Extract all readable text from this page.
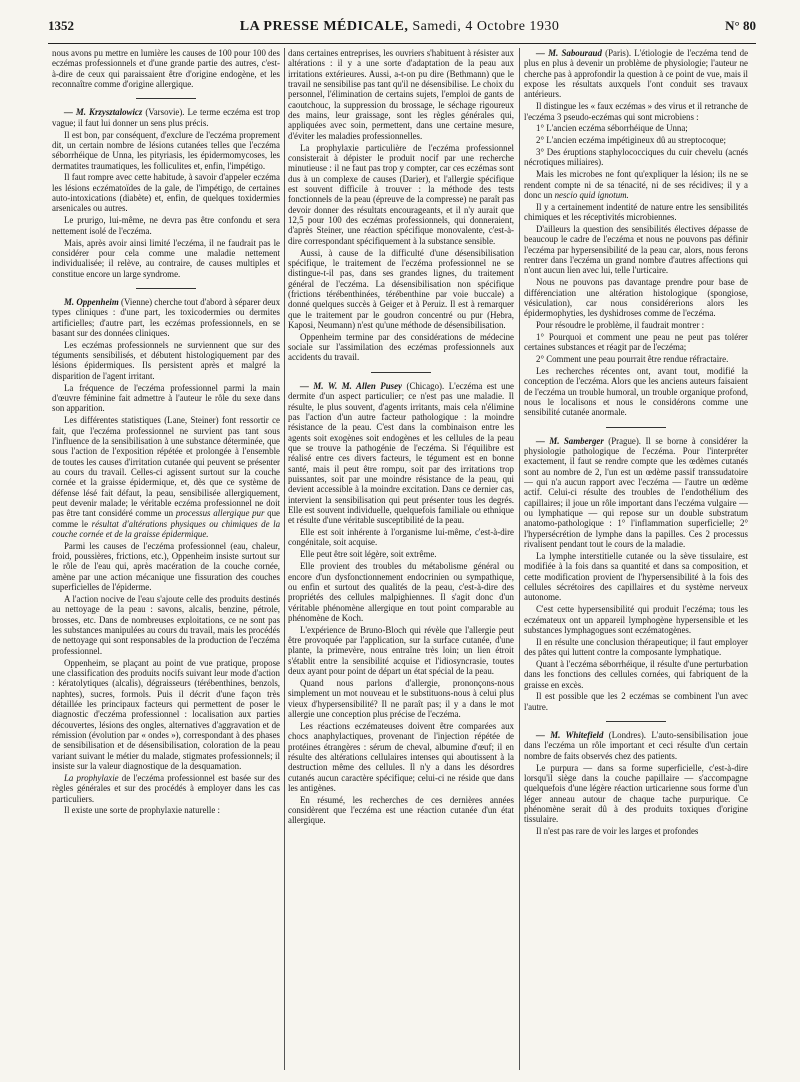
1352	LA PRESSE MÉDICALE, Samedi, 4 Octobre 1930	N° 80

nous avons pu mettre en lumière les causes de 100 pour 100 des eczémas professionnels et d'une grande partie des autres, c'est-à-dire de ceux qui paraissaient être d'origine endogène, et les reconnaître comme d'origine allergique.

— M. Krzysztalowicz (Varsovie). Le terme eczéma est trop vague; il faut lui donner un sens plus précis.

Il est bon, par conséquent, d'exclure de l'eczéma proprement dit, un certain nombre de lésions cutanées telles que l'eczéma séborrhéique de Unna, les pityriasis, les épidermomycoses, les dermatites traumatiques, les folliculites et, enfin, l'impétigo.

Il faut rompre avec cette habitude, à savoir d'appeler eczéma les lésions eczématoïdes de la gale, de l'impétigo, de certaines auto-intoxications (diabète) et, enfin, de quelques toxidermies arsenicales ou autres.

Le prurigo, lui-même, ne devra pas être confondu et sera nettement isolé de l'eczéma.

Mais, après avoir ainsi limité l'eczéma, il ne faudrait pas le considérer pour cela comme une maladie nettement individualisée; il relève, au contraire, de causes multiples et constitue encore un large syndrome.

M. Oppenheim (Vienne) cherche tout d'abord à séparer deux types cliniques : d'une part, les toxicodermies ou dermites artificielles; d'autre part, les eczémas professionnels, en se basant sur des données cliniques.

Les eczémas professionnels ne surviennent que sur des téguments sensibilisés, et débutent histologiquement par des lésions épidermiques. Ils persistent après et malgré la disparition de l'agent irritant.

La fréquence de l'eczéma professionnel parmi la main d'œuvre féminine fait admettre à l'auteur le rôle du sexe dans son apparition.

Les différentes statistiques (Lane, Steiner) font ressortir ce fait, que l'eczéma professionnel ne survient pas tant sous l'influence de la sensibilisation à une substance déterminée, que sous l'action de l'exposition répétée et prolongée à l'ensemble de toutes les causes d'irritation cutanée qui peuvent se présenter au cours du travail. Celles-ci agissent surtout sur la couche cornée et la graisse épidermique, et, dès que ce système de défense lésé fait défaut, la peau, sensibilisée allergiquement, peut devenir malade; le véritable eczéma professionnel ne doit pas être tant considéré comme un processus allergique pur que comme le résultat d'altérations physiques ou chimiques de la couche cornée et de la graisse épidermique.

Parmi les causes de l'eczéma professionnel (eau, chaleur, froid, poussières, frictions, etc.), Oppenheim insiste surtout sur le rôle de l'eau qui, après macération de la couche cornée, amène par une action mécanique une fissuration des couches superficielles de l'épiderme.

A l'action nocive de l'eau s'ajoute celle des produits destinés au nettoyage de la peau : savons, alcalis, benzine, pétrole, brosses, etc. Dans de nombreuses exploitations, ce ne sont pas les substances manipulées au cours du travail, mais les procédés de nettoyage qui sont responsables de la production de l'eczéma professionnel.

Oppenheim, se plaçant au point de vue pratique, propose une classification des produits nocifs suivant leur mode d'action : kératolytiques (alcalis), dégraisseurs (térébenthines, benzols, naphtes), sucres, formols. Puis il décrit d'une façon très détaillée les principaux facteurs qui permettent de poser le diagnostic d'eczéma professionnel : localisation aux parties découvertes, lésions des ongles, alternatives d'aggravation et de rémission (évolution par « ondes »), correspondant à des phases de sensibilisation et de désensibilisation, coloration de la peau variant suivant le métier du malade, stigmates professionnels; il insiste sur la valeur diagnostique de la desquamation.

La prophylaxie de l'eczéma professionnel est basée sur des règles générales et sur des procédés à employer dans les cas particuliers.

Il existe une sorte de prophylaxie naturelle :

dans certaines entreprises, les ouvriers s'habituent à résister aux altérations : il y a une sorte d'adaptation de la peau aux irritations extérieures. Aussi, a-t-on pu dire (Bethmann) que le travail ne sensibilise pas tant qu'il ne désensibilise. Le choix du personnel, l'élimination de certains sujets, l'emploi de gants de caoutchouc, la suppression du brossage, le séchage rigoureux des mains, leur graissage, sont les règles générales qui, appliquées avec soin, permettent, dans une certaine mesure, d'éviter les maladies professionnelles.

La prophylaxie particulière de l'eczéma professionnel consisterait à dépister le produit nocif par une recherche minutieuse : il ne faut pas trop y compter, car ces eczémas sont dus à un complexe de causes (Darier), et l'allergie spécifique est souvent difficile à trouver : la méthode des tests fonctionnels de la peau (épreuve de la compresse) ne paraît pas devoir donner des résultats encourageants, et il n'y aurait que 12,5 pour 100 des eczémas professionnels, qui donneraient, d'après Steiner, une réaction spécifique monovalente, c'est-à-dire correspondant spécifiquement à la substance sensible.

Aussi, à cause de la difficulté d'une désensibilisation spécifique, le traitement de l'eczéma professionnel ne se distingue-t-il pas, dans ses grandes lignes, du traitement général de l'eczéma. La désensibilisation non spécifique (frictions térébenthinées, térébenthine par voie buccale) a donné quelques succès à Geiger et à Peruiz. Il est à remarquer que le traitement par le goudron concentré ou pur (Hebra, Kaposi, Neumann) n'est qu'une méthode de désensibilisation.

Oppenheim termine par des considérations de médecine sociale sur l'assimilation des eczémas professionnels aux accidents du travail.

— M. W. M. Allen Pusey (Chicago). L'eczéma est une dermite d'un aspect particulier; ce n'est pas une maladie. Il résulte, le plus souvent, d'agents irritants, mais cela n'élimine pas l'action d'un autre facteur pathologique : la moindre résistance de la peau. C'est dans la combinaison entre les agents soit exogènes soit endogènes et les cellules de la peau que se trouve la pathogénie de l'eczéma. Si l'équilibre est réalisé entre ces divers facteurs, le tégument est en bonne santé, mais il peut être rompu, soit par des irritations trop puissantes, soit par une moindre résistance de la peau, qui devient accessible à la moindre excitation. Dans ce dernier cas, intervient la sensibilisation qui peut présenter tous les degrés. Elle est souvent individuelle, quelquefois familiale ou ethnique et résulte d'une véritable susceptibilité de la peau.

Elle est soit inhérente à l'organisme lui-même, c'est-à-dire congénitale, soit acquise.

Elle peut être soit légère, soit extrême.

Elle provient des troubles du métabolisme général ou encore d'un dysfonctionnement endocrinien ou sympathique, ou enfin et surtout des qualités de la peau, c'est-à-dire des propriétés des cellules malpighiennes. Il s'agit donc d'un véritable phénomène allergique en tout point comparable au phénomène de Koch.

L'expérience de Bruno-Bloch qui révèle que l'allergie peut être provoquée par l'application, sur la surface cutanée, d'une plante, la primevère, nous entraîne très loin; un lien étroit s'établit entre la sensibilité acquise et l'idiosyncrasie, toutes deux ayant pour point de départ un état spécial de la peau.

Quand nous parlons d'allergie, prononçons-nous simplement un mot nouveau et le substituons-nous à celui plus vieux d'hypersensibilité? Il ne paraît pas; il y a dans le mot allergie une conception plus précise de l'eczéma.

Les réactions eczémateuses doivent être comparées aux chocs anaphylactiques, provenant de l'injection répétée de protéines étrangères : sérum de cheval, albumine d'œuf; il en résulte des altérations cellulaires intenses qui aboutissent à la destruction même des cellules. Il n'y a dans les désordres cutanés aucun caractère spécifique; celui-ci ne réside que dans les antigènes.

En résumé, les recherches de ces dernières années considèrent que l'eczéma est une réaction cutanée d'un état allergique.

— M. Sabouraud (Paris). L'étiologie de l'eczéma tend de plus en plus à devenir un problème de physiologie; l'auteur ne cherche pas à approfondir la question à ce point de vue, mais il expose les résultats auxquels l'ont conduit ses travaux antérieurs.

Il distingue les « faux eczémas » des virus et il retranche de l'eczéma 3 pseudo-eczémas qui sont microbiens :

1° L'ancien eczéma séborrhéique de Unna;

2° L'ancien eczéma impétigineux dû au streptocoque;

3° Des éruptions staphylococciques du cuir chevelu (acnés nécrotiques miliaires).

Mais les microbes ne font qu'expliquer la lésion; ils ne se rendent compte ni de sa ténacité, ni de ses récidives; il y a donc un nescio quid ignotum.

Il y a certainement indentité de nature entre les sensibilités chimiques et les réceptivités microbiennes.

D'ailleurs la question des sensibilités électives dépasse de beaucoup le cadre de l'eczéma et nous ne pouvons pas définir l'eczéma par hypersensibilité de la peau car, alors, nous ferons rentrer dans l'eczéma un grand nombre d'autres affections qui n'ont aucun lien avec lui, telle l'urticaire.

Nous ne pouvons pas davantage prendre pour base de différenciation une altération histologique (spongiose, vésiculation), car nous considérerions alors les épidermophyties, les dyshidroses comme de l'eczéma.

Pour résoudre le problème, il faudrait montrer :

1° Pourquoi et comment une peau ne peut pas tolérer certaines substances et réagit par de l'eczéma;

2° Comment une peau pourrait être rendue réfractaire.

Les recherches récentes ont, avant tout, modifié la conception de l'eczéma. Alors que les anciens auteurs faisaient de l'eczéma un trouble humoral, un trouble organique profond, nous le localisons et nous le considérons comme une sensibilité cutanée anormale.

— M. Samberger (Prague). Il se borne à considérer la physiologie pathologique de l'eczéma. Pour l'interpréter exactement, il faut se rendre compte que les œdèmes cutanés sont au nombre de 2, l'un est un œdème passif transsudatoire — qui n'a aucun rapport avec l'eczéma — l'autre un œdème actif. Celui-ci résulte des troubles de l'endothélium des capillaires; il joue un rôle important dans l'eczéma vulgaire — ou lymphatique — qui repose sur un double substratum anatomo-pathologique : 1° l'inflammation superficielle; 2° l'hypersécrétion de lymphe dans la papilles. Ces 2 processus rivalisent pendant tout le cours de la maladie.

La lymphe interstitielle cutanée ou la sève tissulaire, est modifiée à la fois dans sa quantité et dans sa composition, et cette modification provient de l'hypersensibilité à la fois des cellules sécrétoires des capillaires et du système nerveux autonome.

C'est cette hypersensibilité qui produit l'eczéma; tous les eczémateux ont un appareil lymphogène hypersensible et les substances lymphagogues sont eczématogènes.

Il en résulte une conclusion thérapeutique; il faut employer des pâtes qui luttent contre la composante lymphatique.

Quant à l'eczéma séborrhéique, il résulte d'une perturbation dans les fonctions des cellules cornées, qui fabriquent de la graisse en excès.

Il est possible que les 2 eczémas se combinent l'un avec l'autre.

— M. Whitefield (Londres). L'auto-sensibilisation joue dans l'eczéma un rôle important et ceci résulte d'un certain nombre de faits observés chez des patients.

Le purpura — dans sa forme superficielle, c'est-à-dire lorsqu'il siège dans la couche papillaire — s'accompagne quelquefois d'une légère réaction urticarienne sous forme d'un léger anneau autour de chaque tache purpurique. Ce phénomène serait dû à des produits toxiques d'origine tissulaire.

Il n'est pas rare de voir les larges et profondes
